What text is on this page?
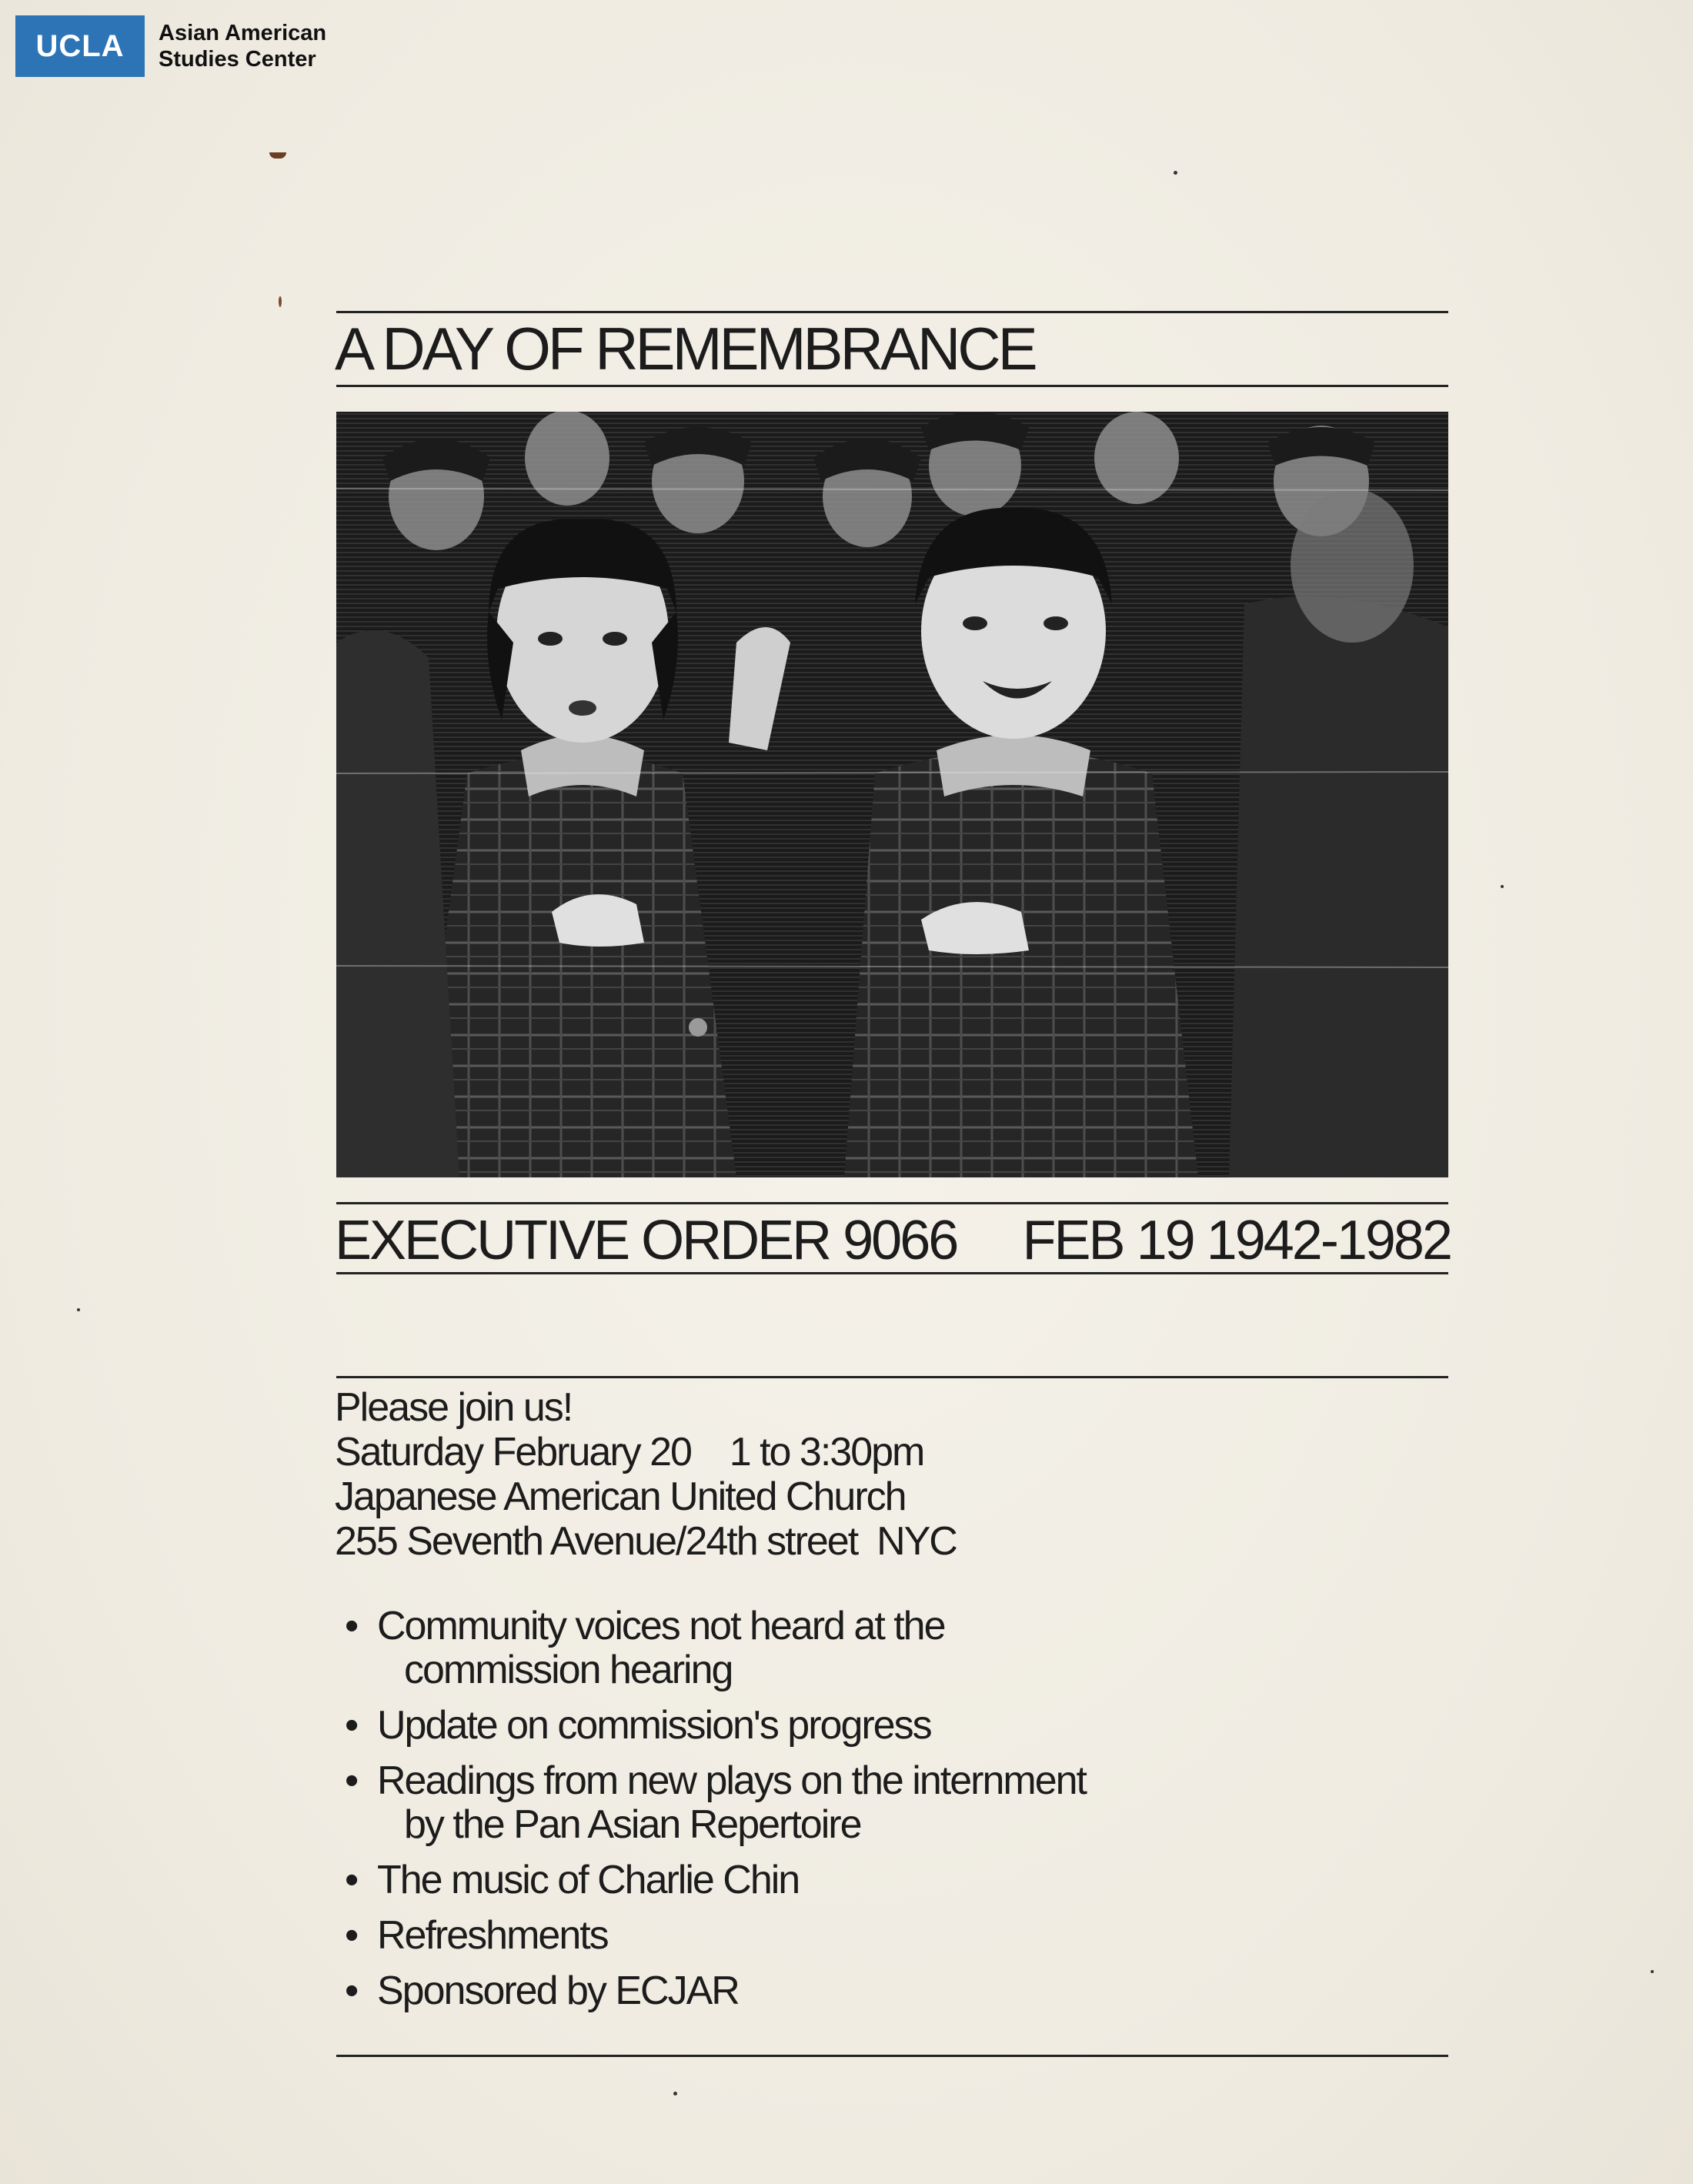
UCLA	Asian American
Studies Center
A DAY OF REMEMBRANCE
EXECUTIVE ORDER 9066 FEB 19 1942-1982
Please join us!
Saturday February 20    1 to 3:30pm
Japanese American United Church
255 Seventh Avenue/24th street  NYC
• Community voices not heard at the
commission hearing
• Update on commission's progress
• Readings from new plays on the internment
by the Pan Asian Repertoire
• The music of Charlie Chin
• Refreshments
• Sponsored by ECJAR
